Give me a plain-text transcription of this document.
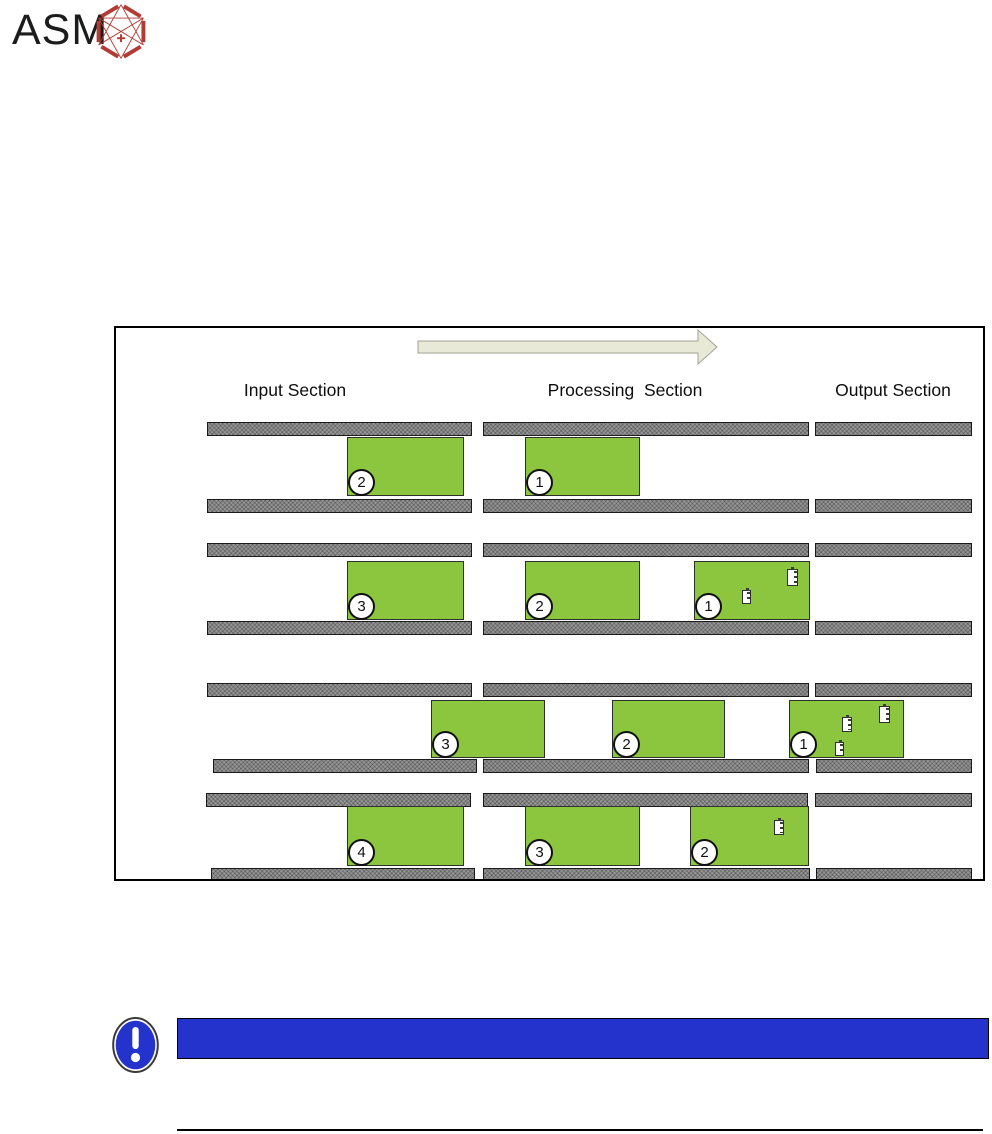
ASM
Input Section	Processing  Section	Output Section
2	1
3	2	1
3	2	1
4	3	2
